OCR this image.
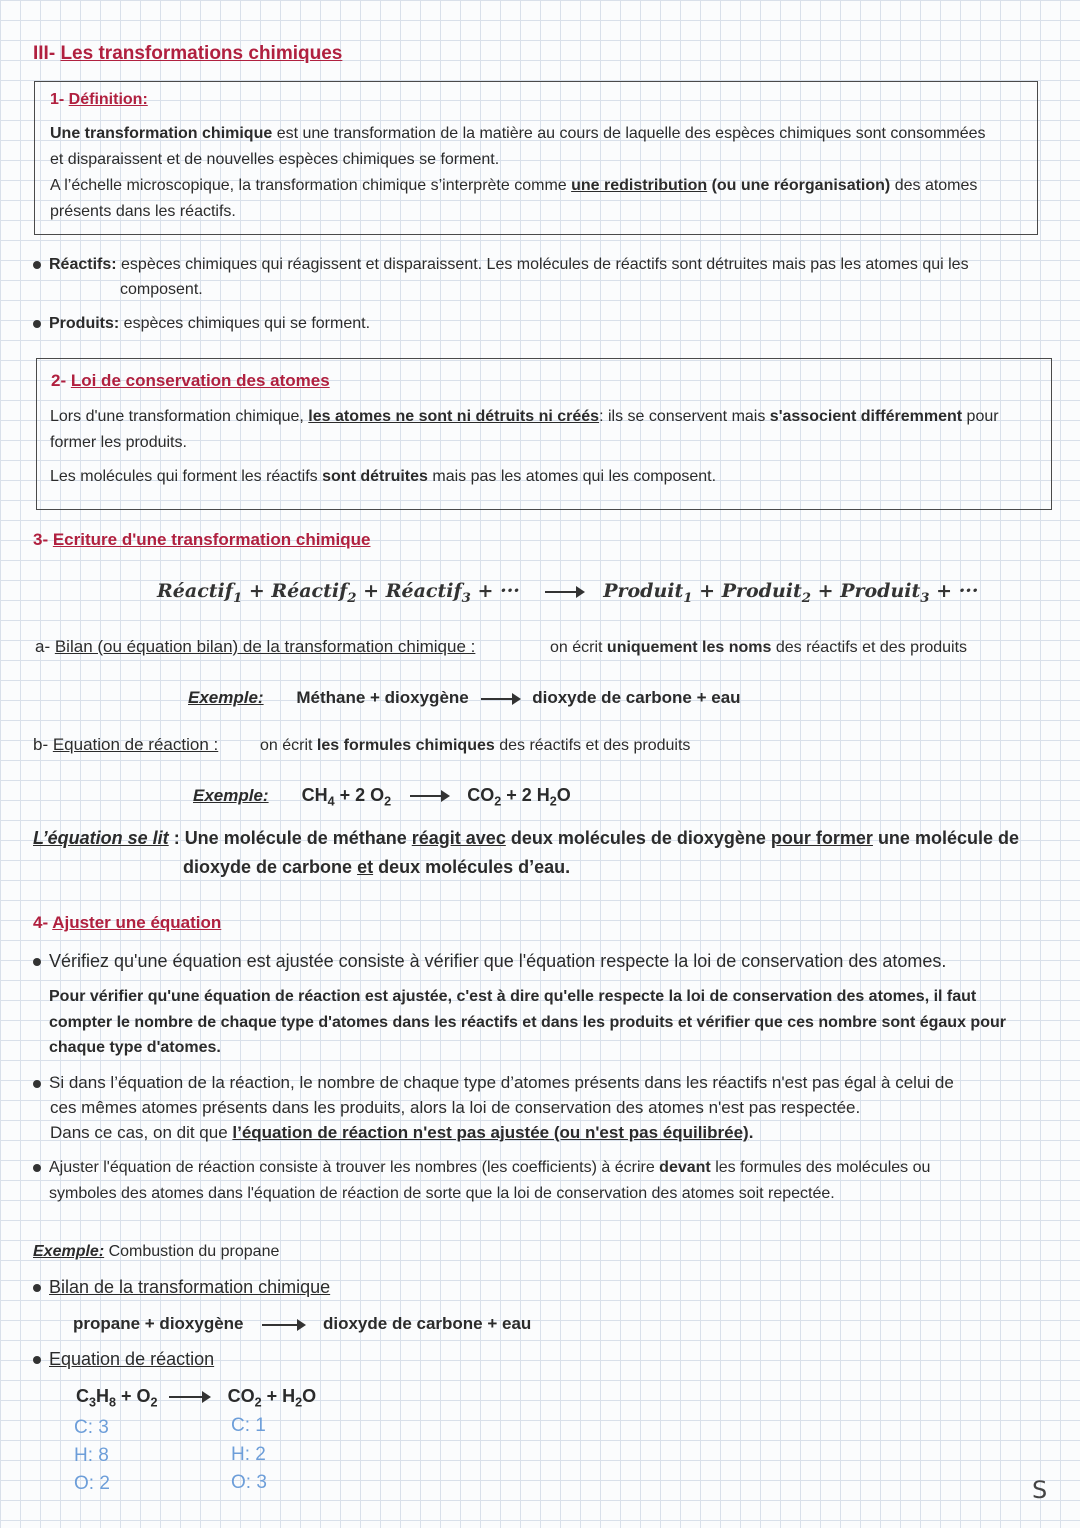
III- Les transformations chimiques
1- Définition:
Une transformation chimique est une transformation de la matière au cours de laquelle des espèces chimiques sont consommées
et disparaissent et de nouvelles espèces chimiques se forment.
A l’échelle microscopique, la transformation chimique s’interprète comme une redistribution (ou une réorganisation) des atomes
présents dans les réactifs.
Réactifs: espèces chimiques qui réagissent et disparaissent. Les molécules de réactifs sont détruites mais pas les atomes qui les
composent.
Produits: espèces chimiques qui se forment.
2- Loi de conservation des atomes
Lors d'une transformation chimique, les atomes ne sont ni détruits ni créés: ils se conservent mais s'associent différemment pour
former les produits.
Les molécules qui forment les réactifs sont détruites mais pas les atomes qui les composent.
3- Ecriture d'une transformation chimique
Réactif$_1$ + Réactif$_2$ + Réactif$_3$ + ···	Produit$_1$ + Produit$_2$ + Produit$_3$ + ···
a- Bilan (ou équation bilan) de la transformation chimique :	on écrit uniquement les noms des réactifs et des produits
Exemple: Méthane + dioxygène	dioxyde de carbone + eau
b- Equation de réaction :	on écrit les formules chimiques des réactifs et des produits
Exemple: $CH_4 + 2$ $O_2$	$CO_2 + 2$ $H_2O$
L’équation se lit : Une molécule de méthane réagit avec deux molécules de dioxygène pour former une molécule de
dioxyde de carbone et deux molécules d’eau.
4- Ajuster une équation
Vérifiez qu'une équation est ajustée consiste à vérifier que l'équation respecte la loi de conservation des atomes.
Pour vérifier qu'une équation de réaction est ajustée, c'est à dire qu'elle respecte la loi de conservation des atomes, il faut
compter le nombre de chaque type d'atomes dans les réactifs et dans les produits et vérifier que ces nombre sont égaux pour
chaque type d'atomes.
Si dans l’équation de la réaction, le nombre de chaque type d’atomes présents dans les réactifs n'est pas égal à celui de
ces mêmes atomes présents dans les produits, alors la loi de conservation des atomes n'est pas respectée.
Dans ce cas, on dit que l’équation de réaction n'est pas ajustée (ou n'est pas équilibrée).
Ajuster l'équation de réaction consiste à trouver les nombres (les coefficients) à écrire devant les formules des molécules ou
symboles des atomes dans l'équation de réaction de sorte que la loi de conservation des atomes soit repectée.
Exemple: Combustion du propane
Bilan de la transformation chimique
propane + dioxygène	dioxyde de carbone + eau
Equation de réaction
$C_3H_8 + O_2$	$CO_2 + H_2O$
C: 3
H: 8
O: 2
C: 1
H: 2
O: 3	S
